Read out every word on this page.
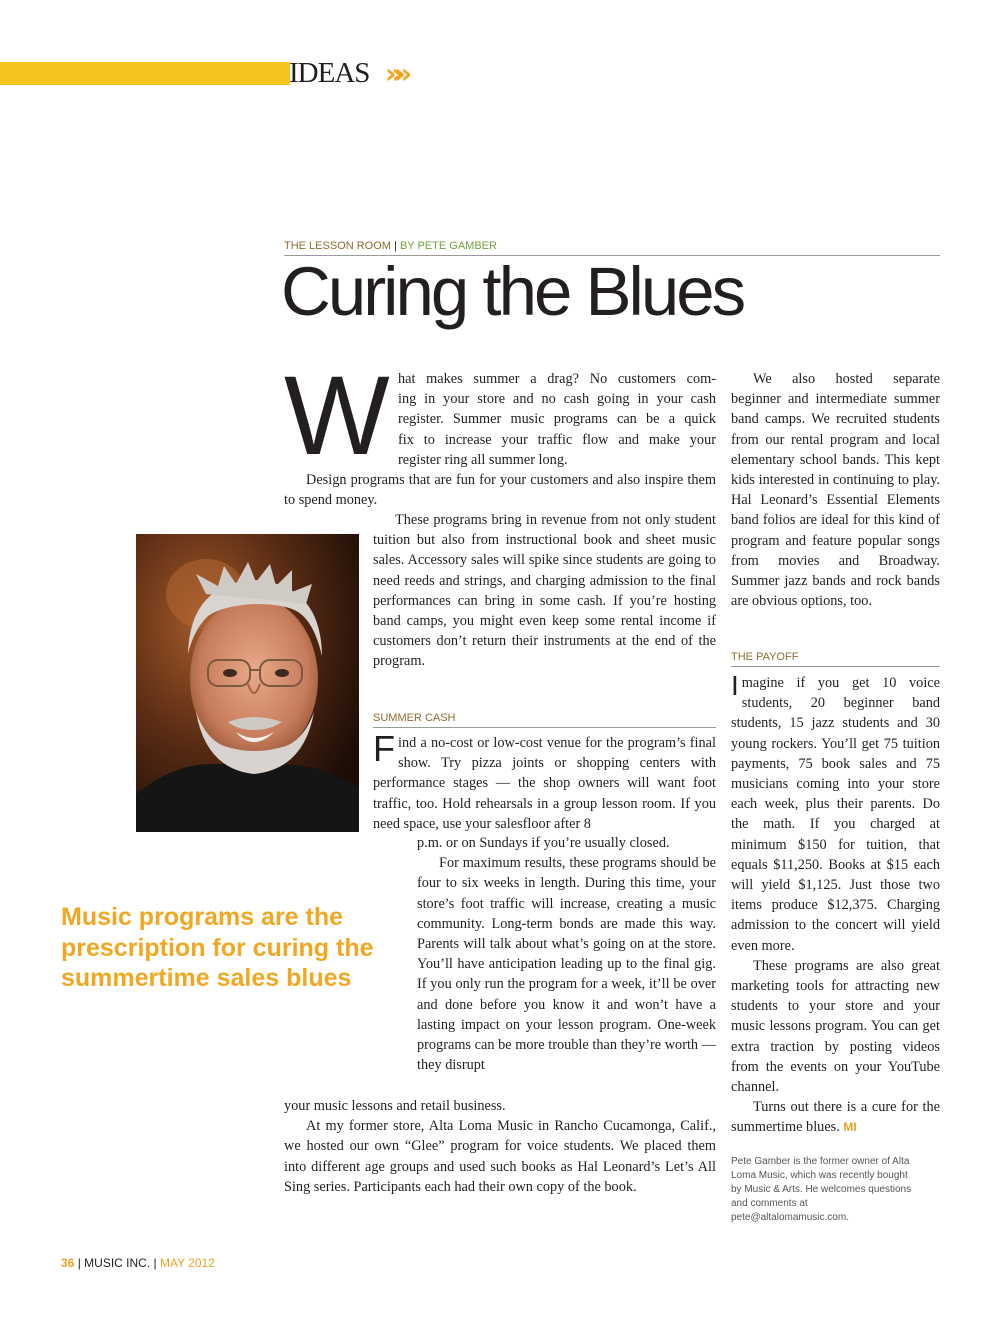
IDEAS »»
THE LESSON ROOM | BY PETE GAMBER
Curing the Blues
W hat makes summer a drag? No customers com-
ing in your store and no cash going in your cash
register. Summer music programs can be a quick
fix to increase your traffic flow and make your
register ring all summer long.

Design programs that are fun for your customers and also inspire them to spend money.

These programs bring in revenue from not only student tuition but also from instructional book and sheet music sales. Accessory sales will spike since students are going to need reeds and strings, and charging admission to the final performances can bring in some cash. If you’re hosting band camps, you might even keep some rental income if customers don’t return their instruments at the end of the program.

SUMMER CASH

Find a no-cost or low-cost venue for the program’s final show. Try pizza joints or shopping centers with performance stages — the shop owners will want foot traffic, too. Hold rehearsals in a group lesson room. If you need space, use your salesfloor after 8

p.m. or on Sundays if you’re usually closed.

For maximum results, these programs should be four to six weeks in length. During this time, your store’s foot traffic will increase, creating a music community. Long-term bonds are made this way. Parents will talk about what’s going on at the store. You’ll have anticipation leading up to the final gig. If you only run the program for a week, it’ll be over and done before you know it and won’t have a lasting impact on your lesson program. One-week programs can be more trouble than they’re worth — they disrupt

your music lessons and retail business.

At my former store, Alta Loma Music in Rancho Cucamonga, Calif., we hosted our own “Glee” program for voice students. We placed them into different age groups and used such books as Hal Leonard’s Let’s All Sing series. Participants each had their own copy of the book.

We also hosted separate beginner and intermediate summer band camps. We recruited students from our rental program and local elementary school bands. This kept kids interested in continuing to play. Hal Leonard’s Essential Elements band folios are ideal for this kind of program and feature popular songs from movies and Broadway. Summer jazz bands and rock bands are obvious options, too.

THE PAYOFF

Imagine if you get 10 voice students, 20 beginner band students, 15 jazz students and 30 young rockers. You’ll get 75 tuition payments, 75 book sales and 75 musicians coming into your store each week, plus their parents. Do the math. If you charged at minimum $150 for tuition, that equals $11,250. Books at $15 each will yield $1,125. Just those two items produce $12,375. Charging admission to the concert will yield even more.

These programs are also great marketing tools for attracting new students to your store and your music lessons program. You can get extra traction by posting videos from the events on your YouTube channel.

Turns out there is a cure for the summertime blues. MI

Pete Gamber is the former owner of Alta Loma Music, which was recently bought by Music & Arts. He welcomes questions and comments at pete@altalomamusic.com.

Music programs are the prescription for curing the summertime sales blues

36 | MUSIC INC. | MAY 2012
